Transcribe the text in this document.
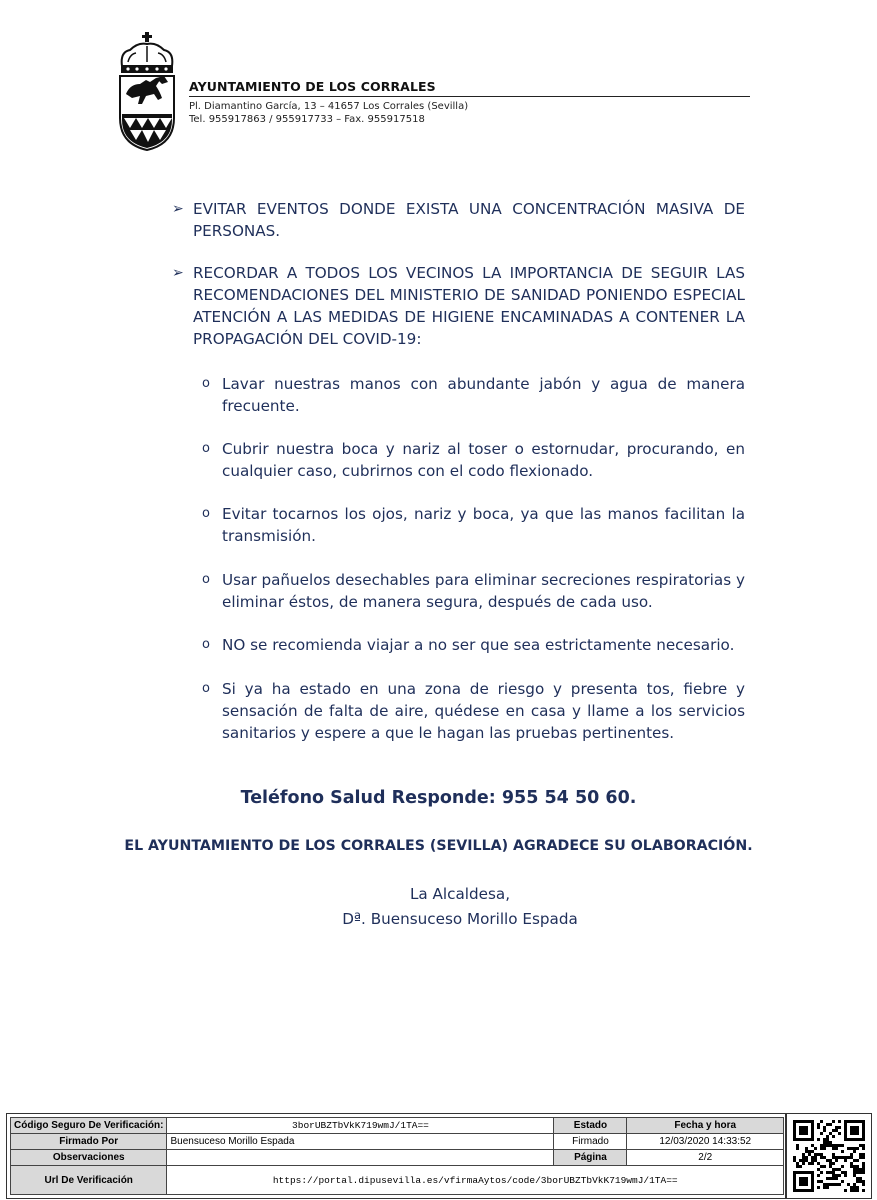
AYUNTAMIENTO DE LOS CORRALES
Pl. Diamantino García, 13 – 41657 Los Corrales (Sevilla)
Tel. 955917863 / 955917733 – Fax. 955917518
➢ EVITAR EVENTOS DONDE EXISTA UNA CONCENTRACIÓN MASIVA DE PERSONAS.
➢ RECORDAR A TODOS LOS VECINOS LA IMPORTANCIA DE SEGUIR LAS RECOMENDACIONES DEL MINISTERIO DE SANIDAD PONIENDO ESPECIAL ATENCIÓN A LAS MEDIDAS DE HIGIENE ENCAMINADAS A CONTENER LA PROPAGACIÓN DEL COVID-19:
o Lavar nuestras manos con abundante jabón y agua de manera frecuente.
o Cubrir nuestra boca y nariz al toser o estornudar, procurando, en cualquier caso, cubrirnos con el codo flexionado.
o Evitar tocarnos los ojos, nariz y boca, ya que las manos facilitan la transmisión.
o Usar pañuelos desechables para eliminar secreciones respiratorias y eliminar éstos, de manera segura, después de cada uso.
o NO se recomienda viajar a no ser que sea estrictamente necesario.
o Si ya ha estado en una zona de riesgo y presenta tos, fiebre y sensación de falta de aire, quédese en casa y llame a los servicios sanitarios y espere a que le hagan las pruebas pertinentes.
Teléfono Salud Responde: 955 54 50 60.
EL AYUNTAMIENTO DE LOS CORRALES (SEVILLA) AGRADECE SU OLABORACIÓN.
La Alcaldesa,
Dª. Buensuceso Morillo Espada
Código Seguro De Verificación:	3borUBZTbVkK719wmJ/1TA==	Estado	Fecha y hora
Firmado Por	Buensuceso Morillo Espada	Firmado	12/03/2020 14:33:52
Observaciones		Página	2/2
Url De Verificación	https://portal.dipusevilla.es/vfirmaAytos/code/3borUBZTbVkK719wmJ/1TA==		
